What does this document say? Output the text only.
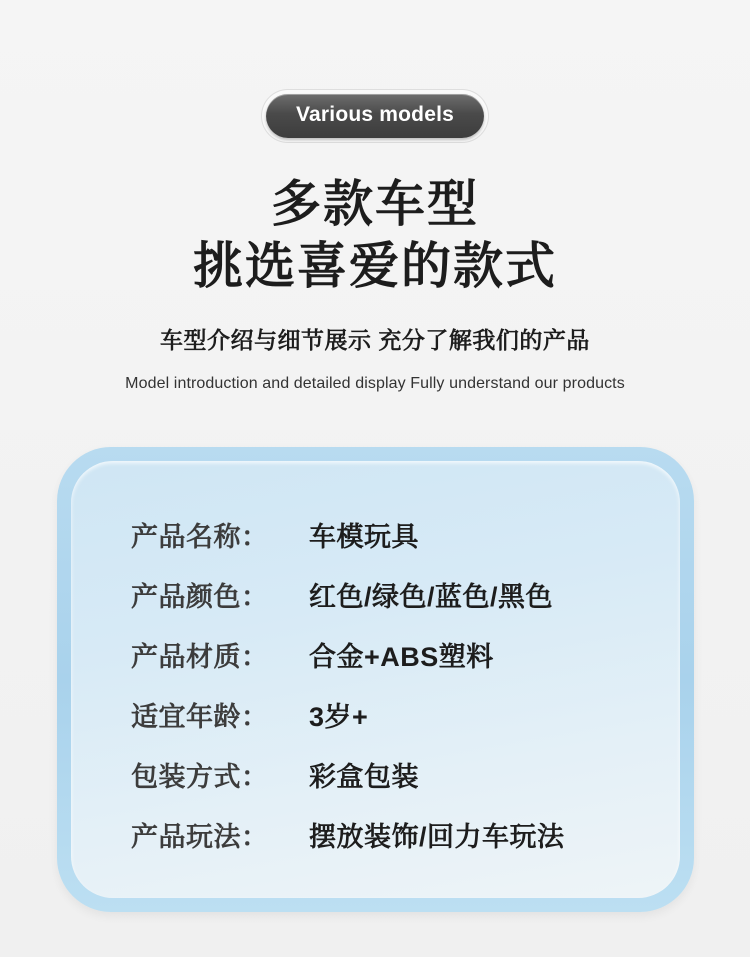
Various models
多款车型
挑选喜爱的款式
车型介绍与细节展示 充分了解我们的产品
Model introduction and detailed display Fully understand our products
产品名称：	车模玩具
产品颜色：	红色/绿色/蓝色/黑色
产品材质：	合金+ABS塑料
适宜年龄：	3岁+
包装方式：	彩盒包装
产品玩法：	摆放装饰/回力车玩法
